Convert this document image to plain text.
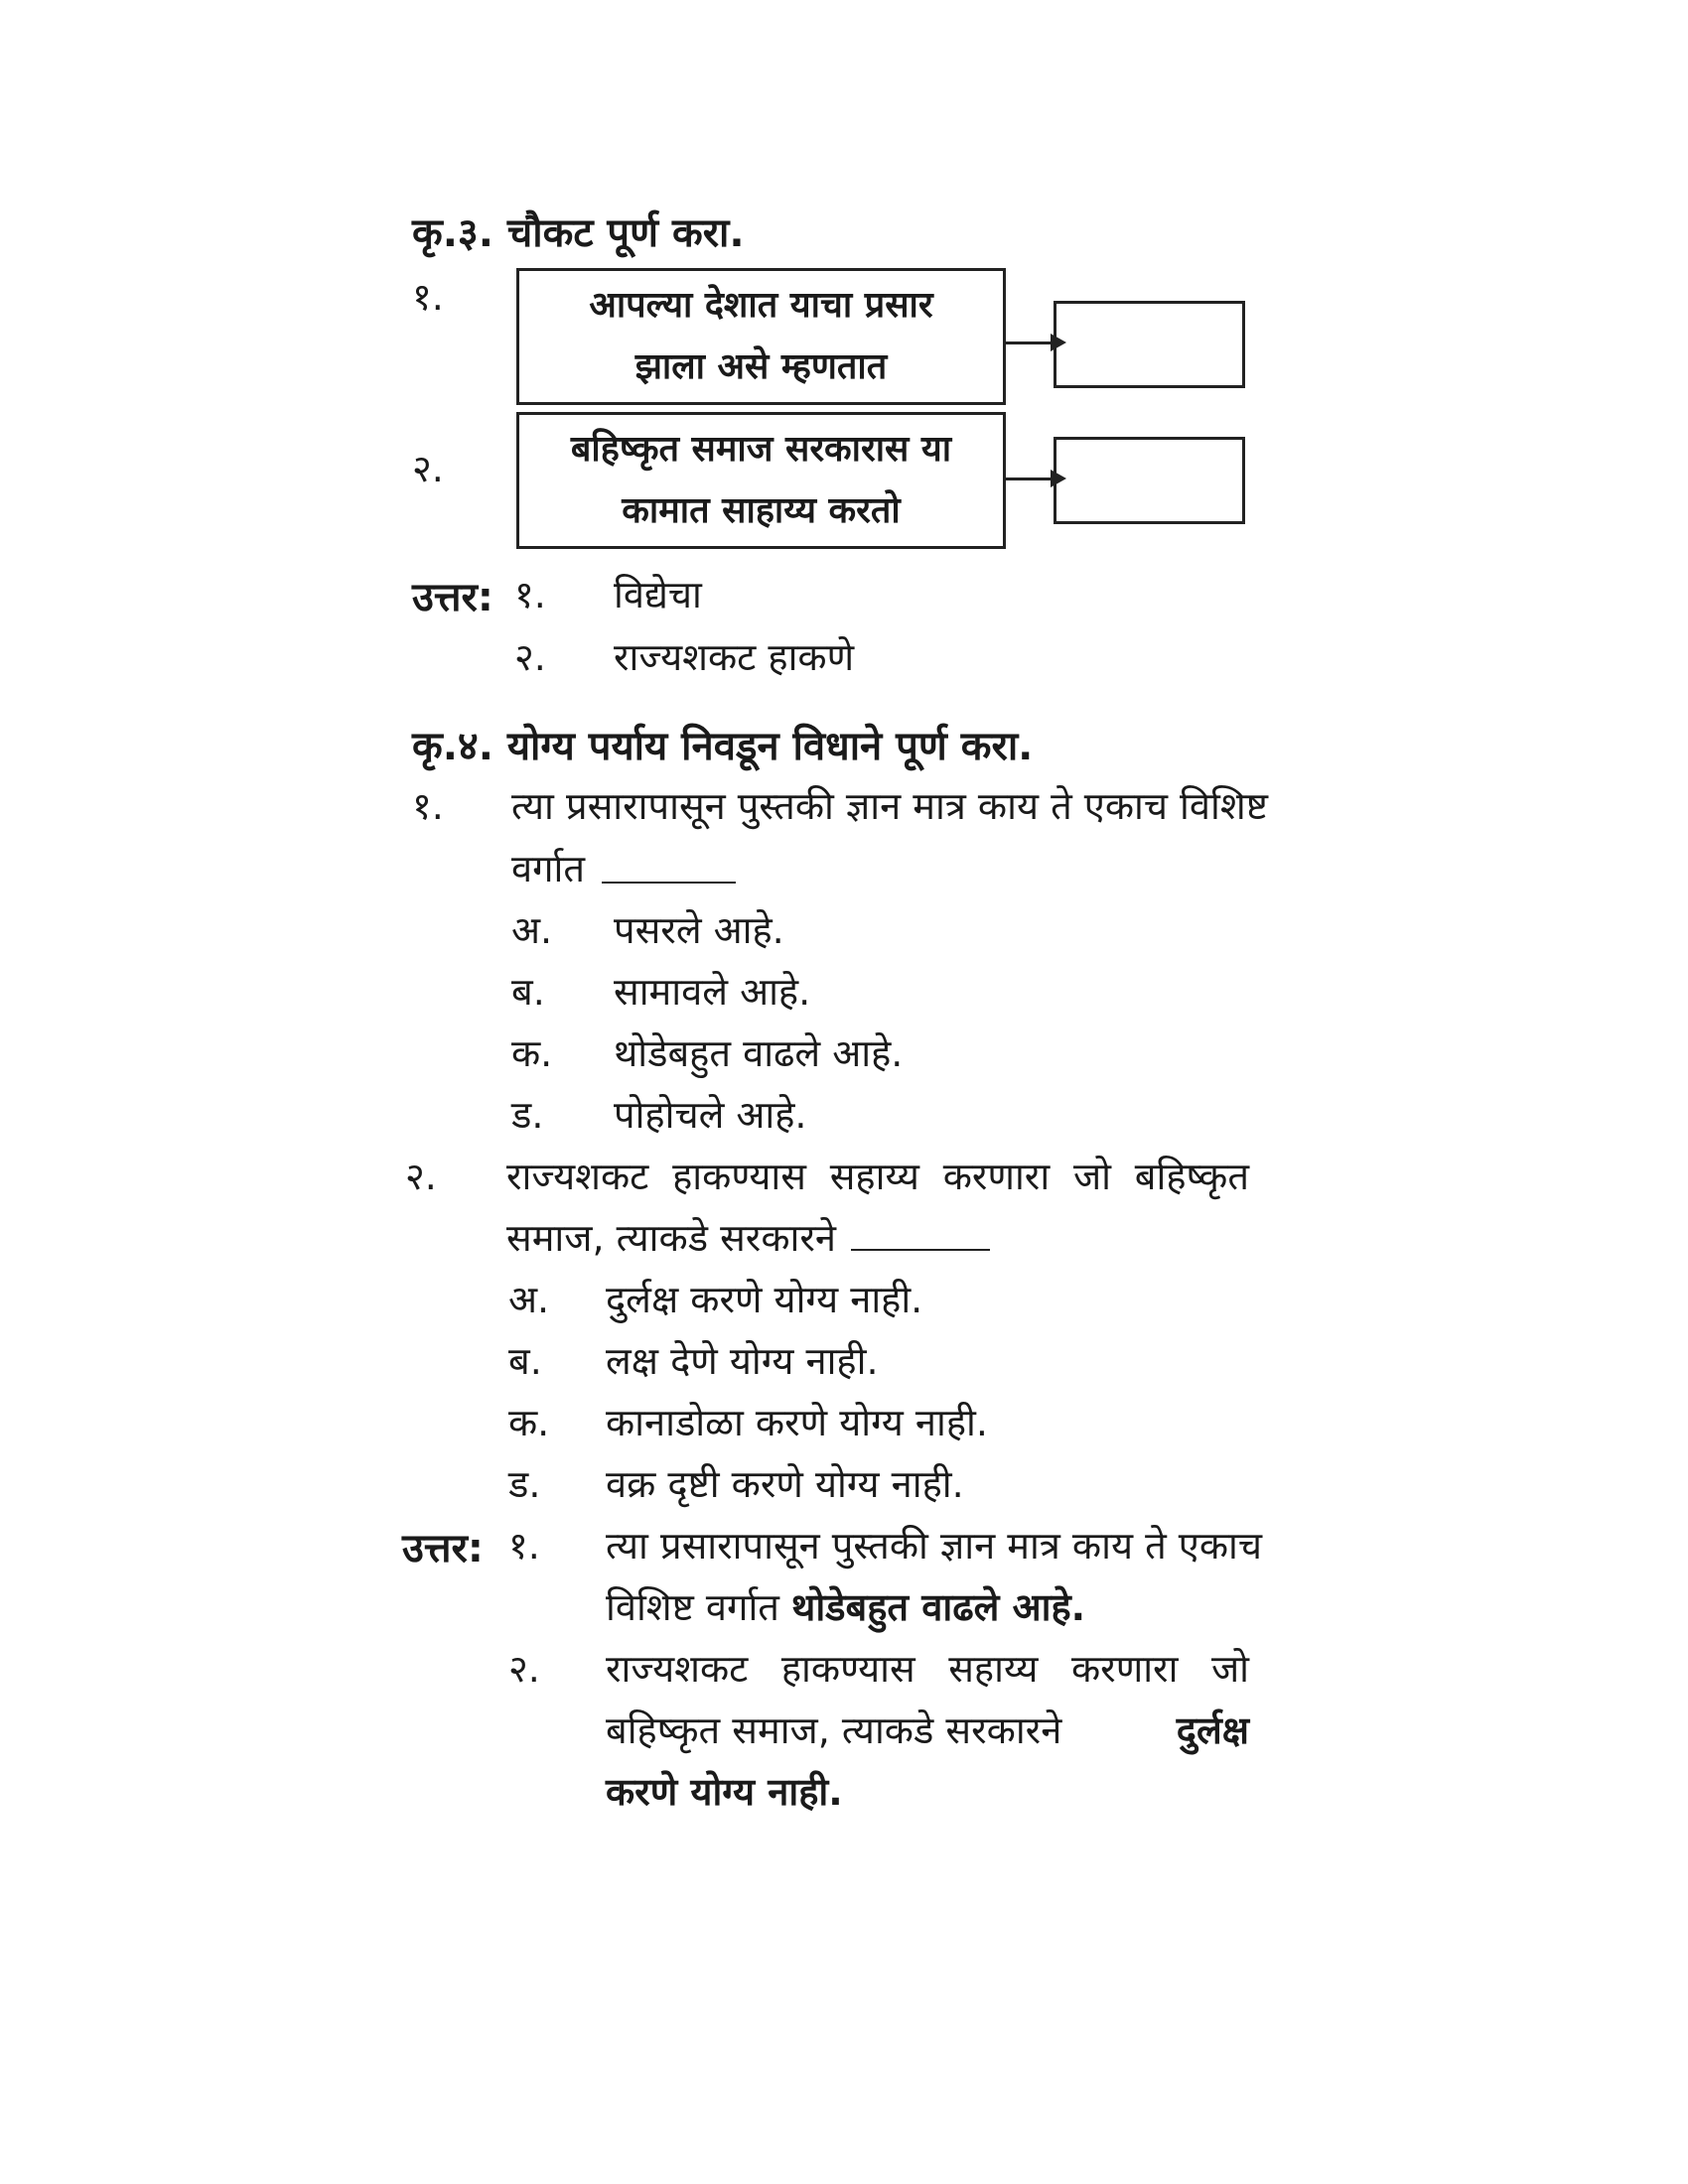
कृ.३. चौकट पूर्ण करा.
१.	आपल्या देशात याचा प्रसार
झाला असे म्हणतात
२.	बहिष्कृत समाज सरकारास या
कामात साहाय्य करतो
उत्तर: १. विद्येचा
२. राज्यशकट हाकणे
कृ.४. योग्य पर्याय निवडून विधाने पूर्ण करा.
१. त्या प्रसारापासून पुस्तकी ज्ञान मात्र काय ते एकाच विशिष्ट
वर्गात
अ. पसरले आहे.
ब. सामावले आहे.
क. थोडेबहुत वाढले आहे.
ड. पोहोचले आहे.
२. राज्यशकट हाकण्यास सहाय्य करणारा जो बहिष्कृत
समाज, त्याकडे सरकारने
अ. दुर्लक्ष करणे योग्य नाही.
ब. लक्ष देणे योग्य नाही.
क. कानाडोळा करणे योग्य नाही.
ड. वक्र दृष्टी करणे योग्य नाही.
उत्तर: १. त्या प्रसारापासून पुस्तकी ज्ञान मात्र काय ते एकाच
विशिष्ट वर्गात थोडेबहुत वाढले आहे.
२. राज्यशकट हाकण्यास सहाय्य करणारा जो
बहिष्कृत समाज, त्याकडे सरकारने	दुर्लक्ष
करणे योग्य नाही.
